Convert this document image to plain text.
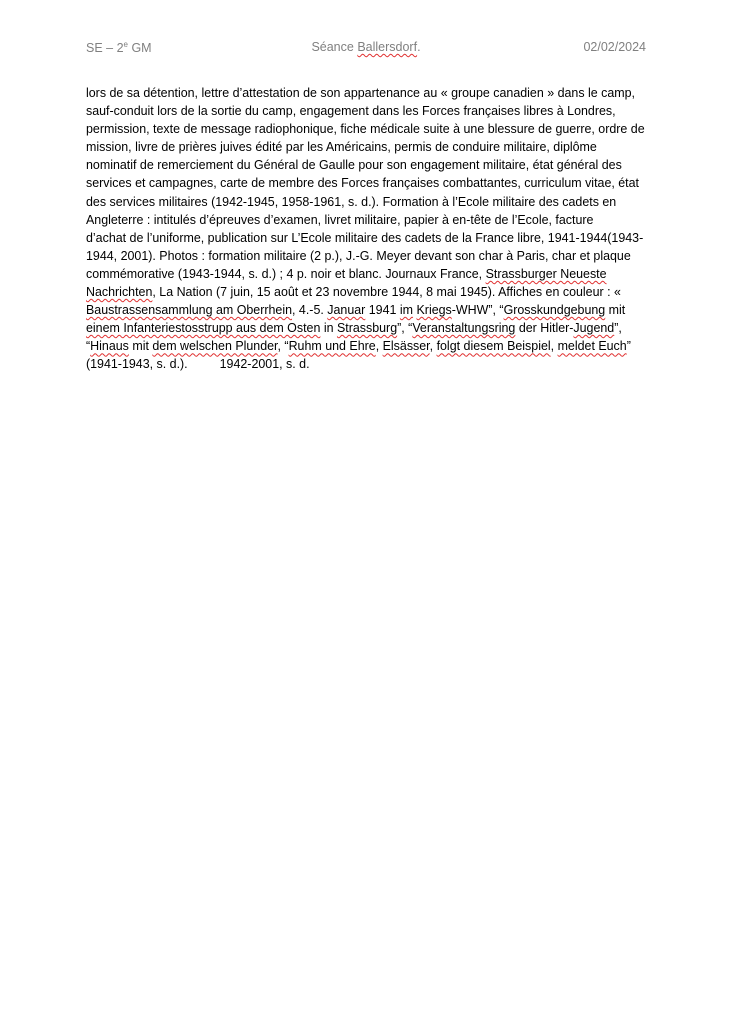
SE – 2e GM	Séance Ballersdorf.	02/02/2024
lors de sa détention, lettre d’attestation de son appartenance au « groupe canadien » dans le camp,
sauf-conduit lors de la sortie du camp, engagement dans les Forces françaises libres à Londres,
permission, texte de message radiophonique, fiche médicale suite à une blessure de guerre, ordre de
mission, livre de prières juives édité par les Américains, permis de conduire militaire, diplôme
nominatif de remerciement du Général de Gaulle pour son engagement militaire, état général des
services et campagnes, carte de membre des Forces françaises combattantes, curriculum vitae, état
des services militaires (1942-1945, 1958-1961, s. d.). Formation à l’Ecole militaire des cadets en
Angleterre : intitulés d’épreuves d’examen, livret militaire, papier à en-tête de l’Ecole, facture
d’achat de l’uniforme, publication sur L’Ecole militaire des cadets de la France libre, 1941-1944(1943-
1944, 2001). Photos : formation militaire (2 p.), J.-G. Meyer devant son char à Paris, char et plaque
commémorative (1943-1944, s. d.) ; 4 p. noir et blanc. Journaux France, Strassburger Neueste
Nachrichten, La Nation (7 juin, 15 août et 23 novembre 1944, 8 mai 1945). Affiches en couleur : «
Baustrassensammlung am Oberrhein, 4.-5. Januar 1941 im Kriegs-WHW”, “Grosskundgebung mit
einem Infanteriestosstrupp aus dem Osten in Strassburg”, “Veranstaltungsring der Hitler-Jugend”,
“Hinaus mit dem welschen Plunder, “Ruhm und Ehre, Elsässer, folgt diesem Beispiel, meldet Euch”
(1941-1943, s. d.).	1942-2001, s. d.
